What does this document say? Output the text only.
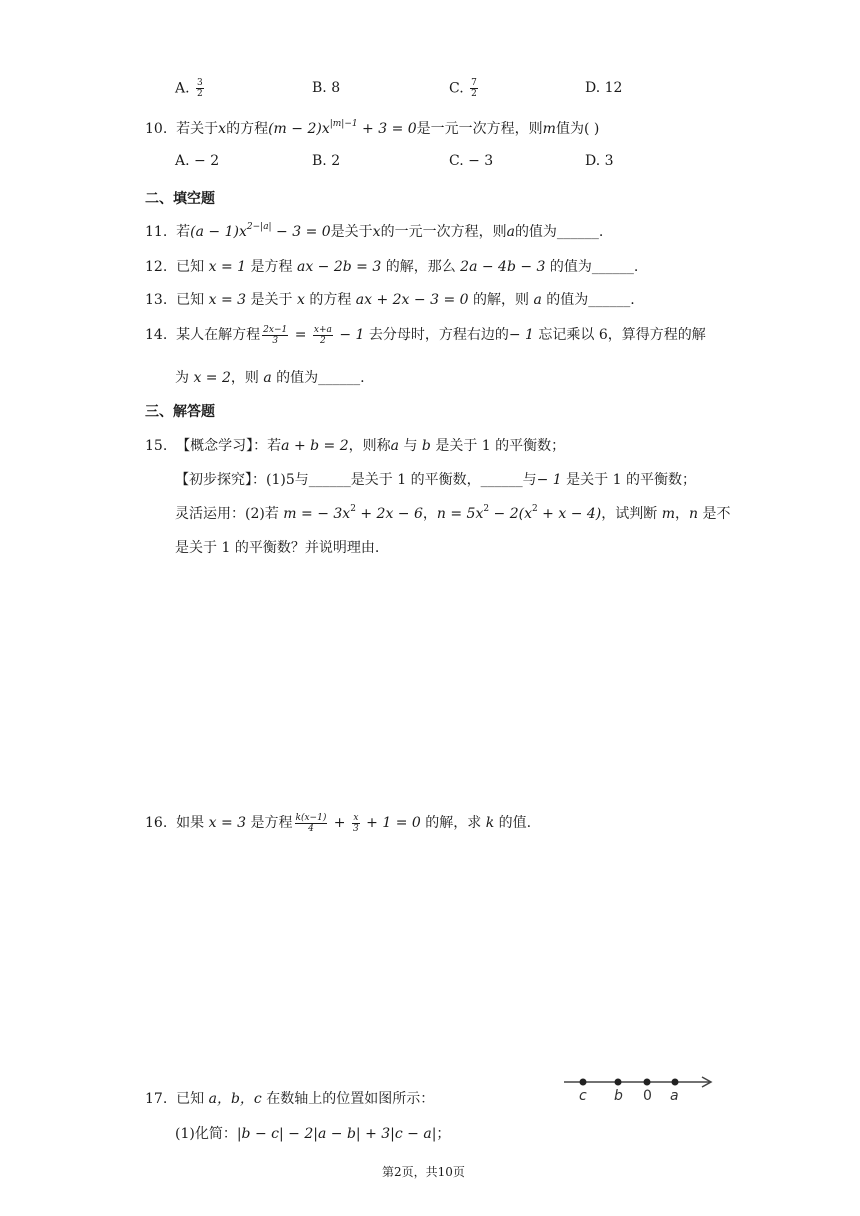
A. $\frac{3}{2}$	B. 8	C. $\frac{7}{2}$	D. 12
10. 若关于x的方程$(m - 2)x^{|m|-1} + 3 = 0$是一元一次方程，则m值为( )
A. − 2	B. 2	C. − 3	D. 3
二、填空题
11. 若$(a - 1)x^{2-|a|} - 3 = 0$是关于x的一元一次方程，则a的值为______.
12. 已知 x = 1 是方程 ax − 2b = 3 的解，那么 2a − 4b − 3 的值为______.
13. 已知 x = 3 是关于 x 的方程 ax + 2x − 3 = 0 的解，则 a 的值为______.
14. 某人在解方程 $\frac{2x-1}{3} = \frac{x+a}{2} - 1$ 去分母时，方程右边的− 1 忘记乘以 6，算得方程的解
为 x = 2，则 a 的值为______.
三、解答题
15. 【概念学习】：若a + b = 2，则称a 与 b 是关于 1 的平衡数；
【初步探究】：(1)5与______是关于 1 的平衡数，______与− 1 是关于 1 的平衡数；
灵活运用：(2)若 m = − $3x^2 + 2x - 6$，$n = 5x^2 - 2(x^2 + x - 4)$，试判断 m，n 是不
是关于 1 的平衡数？并说明理由.
16. 如果 x = 3 是方程 $\frac{k(x-1)}{4} + \frac{x}{3} + 1 = 0$ 的解，求 k 的值.
17. 已知 a，b，c 在数轴上的位置如图所示：
(1)化简：|b − c| − 2|a − b| + 3|c − a|；
c b 0 a
第2页，共10页
